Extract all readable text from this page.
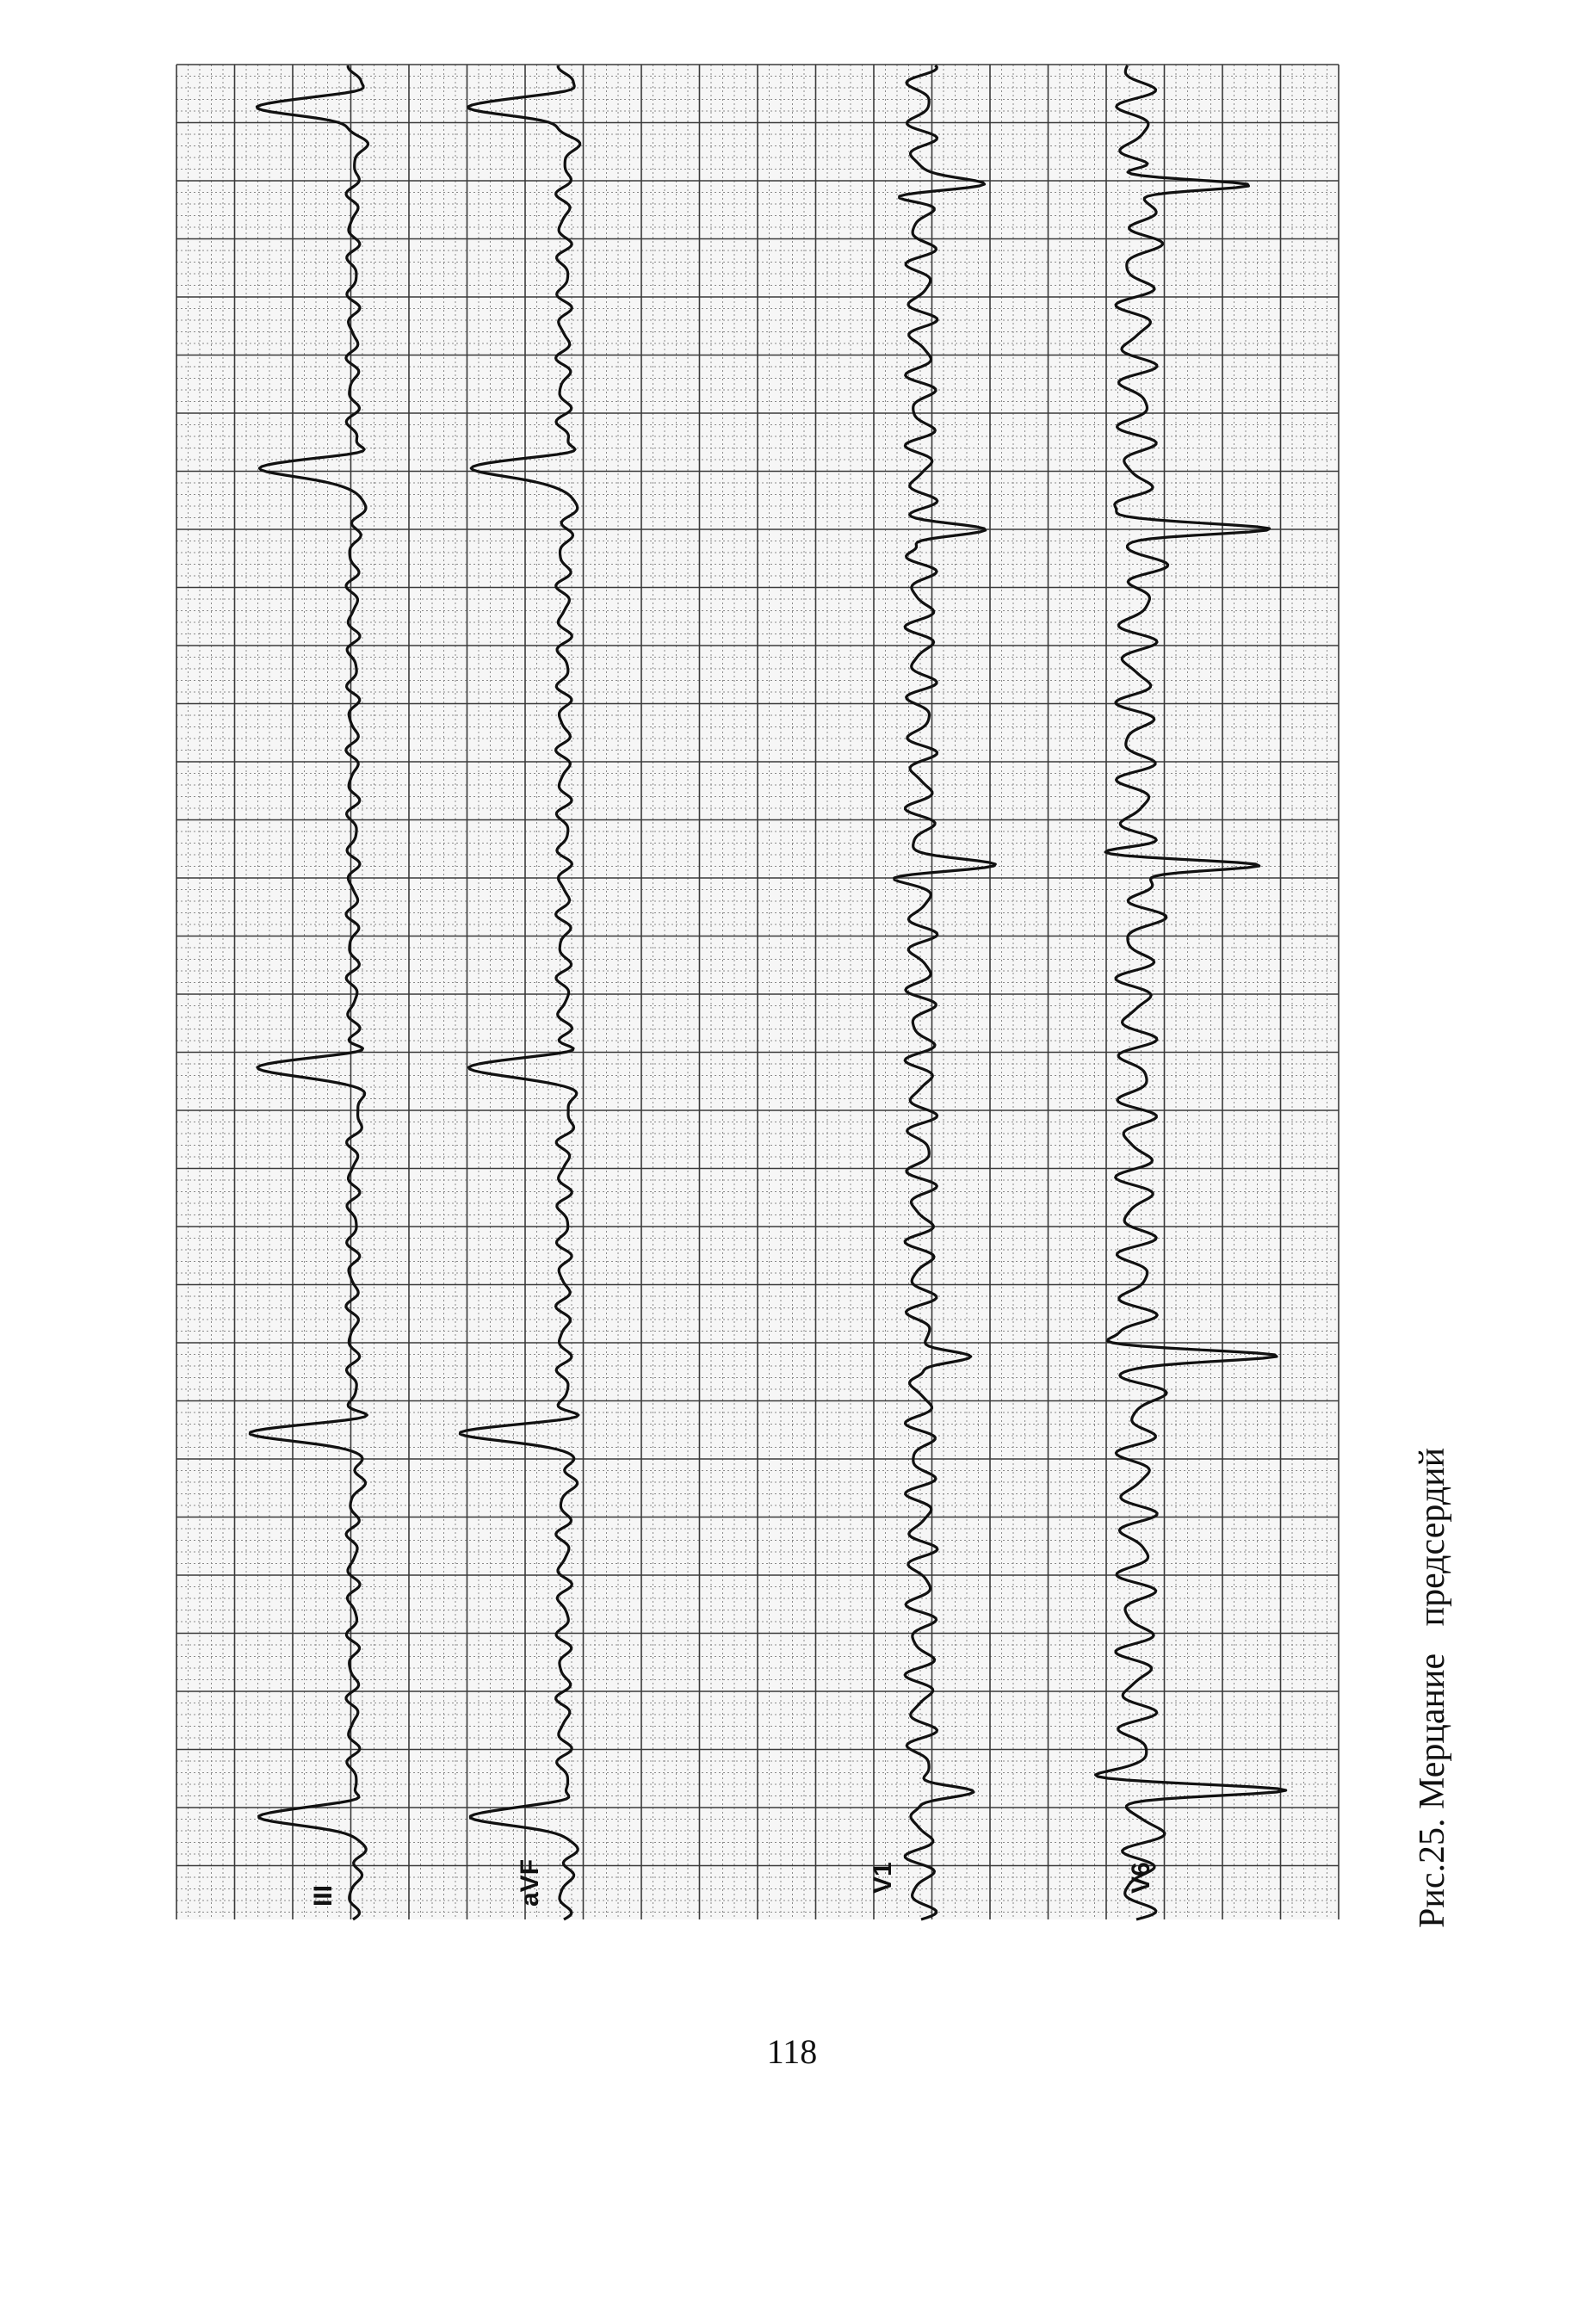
III	aVF	V1	V6	Рис.25. Мерцание   предсердий
118
